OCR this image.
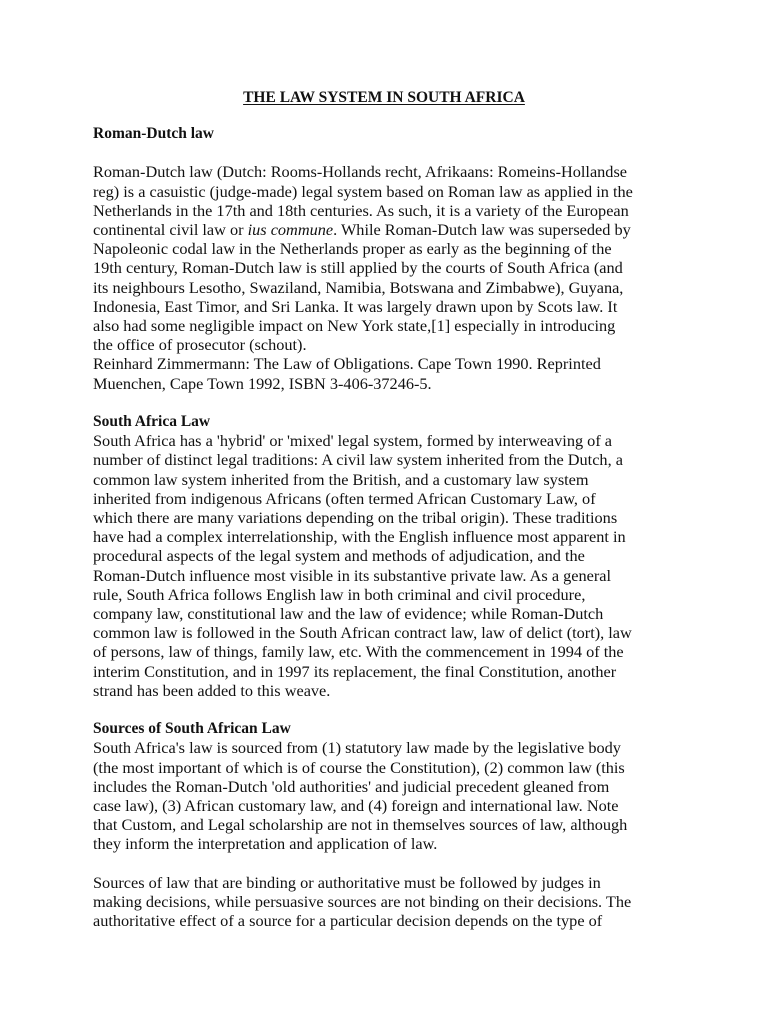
THE LAW SYSTEM IN SOUTH AFRICA
Roman-Dutch law

Roman-Dutch law (Dutch: Rooms-Hollands recht, Afrikaans: Romeins-Hollandse
reg) is a casuistic (judge-made) legal system based on Roman law as applied in the
Netherlands in the 17th and 18th centuries. As such, it is a variety of the European
continental civil law or ius commune. While Roman-Dutch law was superseded by
Napoleonic codal law in the Netherlands proper as early as the beginning of the
19th century, Roman-Dutch law is still applied by the courts of South Africa (and
its neighbours Lesotho, Swaziland, Namibia, Botswana and Zimbabwe), Guyana,
Indonesia, East Timor, and Sri Lanka. It was largely drawn upon by Scots law. It
also had some negligible impact on New York state,[1] especially in introducing
the office of prosecutor (schout).
Reinhard Zimmermann: The Law of Obligations. Cape Town 1990. Reprinted
Muenchen, Cape Town 1992, ISBN 3-406-37246-5.

South Africa Law

South Africa has a 'hybrid' or 'mixed' legal system, formed by interweaving of a
number of distinct legal traditions: A civil law system inherited from the Dutch, a
common law system inherited from the British, and a customary law system
inherited from indigenous Africans (often termed African Customary Law, of
which there are many variations depending on the tribal origin). These traditions
have had a complex interrelationship, with the English influence most apparent in
procedural aspects of the legal system and methods of adjudication, and the
Roman-Dutch influence most visible in its substantive private law. As a general
rule, South Africa follows English law in both criminal and civil procedure,
company law, constitutional law and the law of evidence; while Roman-Dutch
common law is followed in the South African contract law, law of delict (tort), law
of persons, law of things, family law, etc. With the commencement in 1994 of the
interim Constitution, and in 1997 its replacement, the final Constitution, another
strand has been added to this weave.

Sources of South African Law

South Africa's law is sourced from (1) statutory law made by the legislative body
(the most important of which is of course the Constitution), (2) common law (this
includes the Roman-Dutch 'old authorities' and judicial precedent gleaned from
case law), (3) African customary law, and (4) foreign and international law. Note
that Custom, and Legal scholarship are not in themselves sources of law, although
they inform the interpretation and application of law.

Sources of law that are binding or authoritative must be followed by judges in
making decisions, while persuasive sources are not binding on their decisions. The
authoritative effect of a source for a particular decision depends on the type of
